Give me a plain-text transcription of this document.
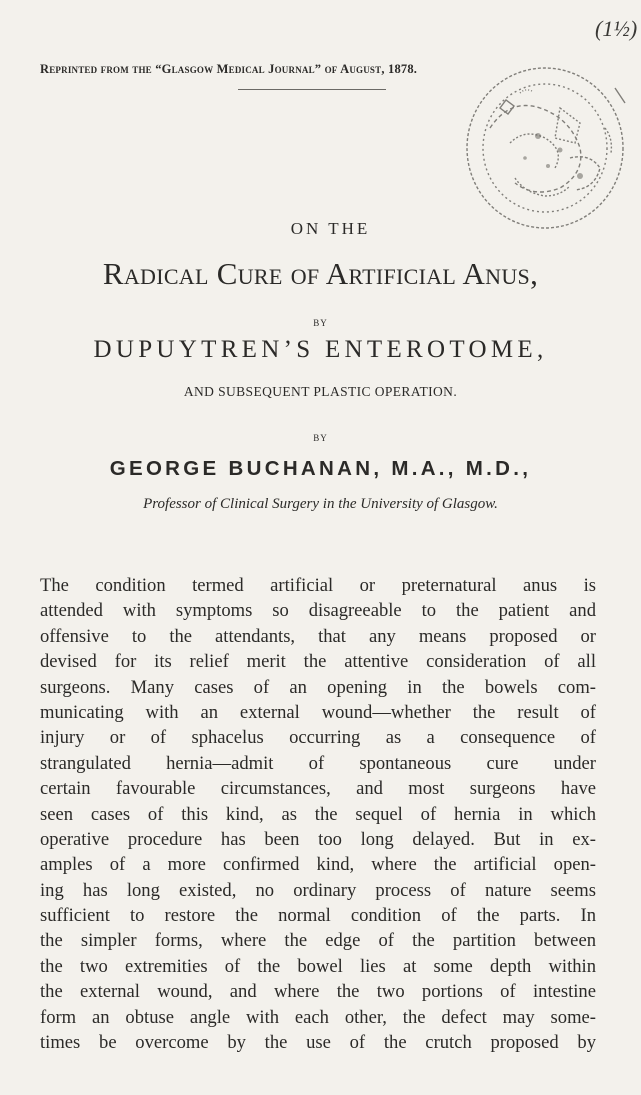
Reprinted from the “Glasgow Medical Journal” of August, 1878.
(1½)
ON THE
Radical Cure of Artificial Anus,
BY
DUPUYTREN’S ENTEROTOME,
AND SUBSEQUENT PLASTIC OPERATION.
BY
GEORGE BUCHANAN, M.A., M.D.,
Professor of Clinical Surgery in the University of Glasgow.
The condition termed artificial or preternatural anus is
attended with symptoms so disagreeable to the patient and
offensive to the attendants, that any means proposed or
devised for its relief merit the attentive consideration of all
surgeons. Many cases of an opening in the bowels com-
municating with an external wound—whether the result of
injury or of sphacelus occurring as a consequence of
strangulated hernia—admit of spontaneous cure under
certain favourable circumstances, and most surgeons have
seen cases of this kind, as the sequel of hernia in which
operative procedure has been too long delayed. But in ex-
amples of a more confirmed kind, where the artificial open-
ing has long existed, no ordinary process of nature seems
sufficient to restore the normal condition of the parts. In
the simpler forms, where the edge of the partition between
the two extremities of the bowel lies at some depth within
the external wound, and where the two portions of intestine
form an obtuse angle with each other, the defect may some-
times be overcome by the use of the crutch proposed by
